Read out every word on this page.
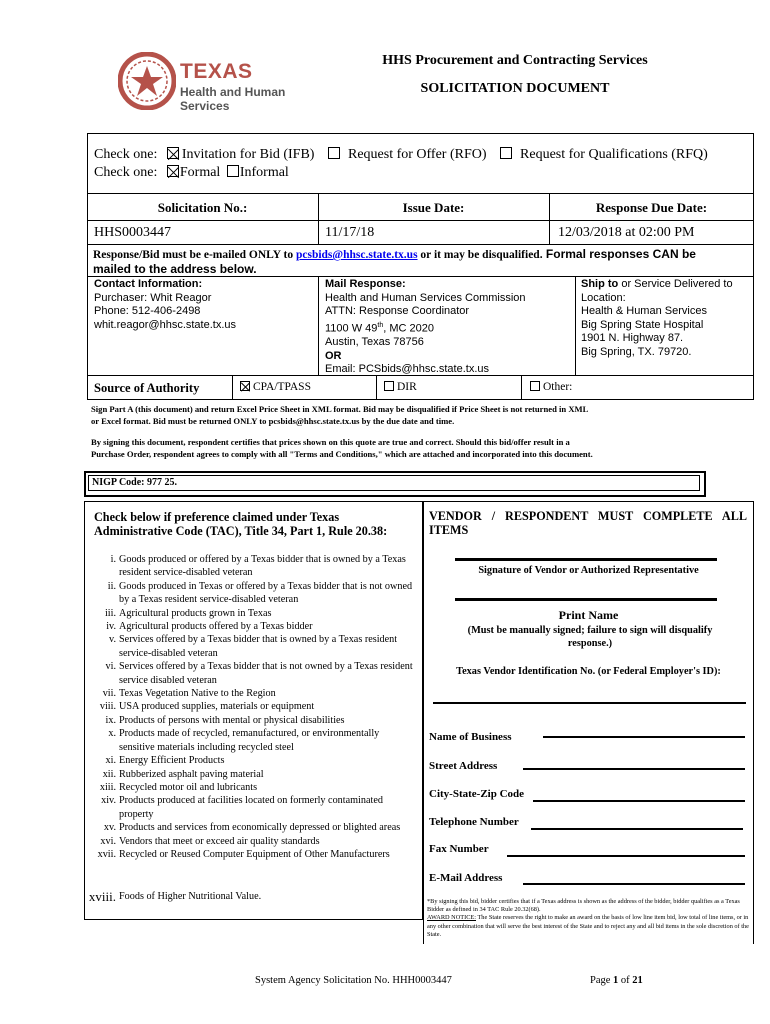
TEXAS
Health and Human Services
HHS Procurement and Contracting Services
SOLICITATION DOCUMENT
Check one: Invitation for Bid (IFB) Request for Offer (RFO) Request for Qualifications (RFQ)
Check one: Formal Informal
Solicitation No.:	Issue Date:	Response Due Date:
HHS0003447	11/17/18	12/03/2018 at 02:00 PM
Response/Bid must be e-mailed ONLY to pcsbids@hhsc.state.tx.us or it may be disqualified. Formal responses CAN be
mailed to the address below.
Contact Information:
Purchaser: Whit Reagor
Phone: 512-406-2498
whit.reagor@hhsc.state.tx.us
Mail Response:
Health and Human Services Commission
ATTN: Response Coordinator
1100 W 49th, MC 2020
Austin, Texas 78756
OR
Email: PCSbids@hhsc.state.tx.us
Ship to or Service Delivered to
Location:
Health & Human Services
Big Spring State Hospital
1901 N. Highway 87.
Big Spring, TX. 79720.
Source of Authority	CPA/TPASS	DIR	Other:
Sign Part A (this document) and return Excel Price Sheet in XML format. Bid may be disqualified if Price Sheet is not returned in XML
or Excel format. Bid must be returned ONLY to pcsbids@hhsc.state.tx.us by the due date and time.
By signing this document, respondent certifies that prices shown on this quote are true and correct. Should this bid/offer result in a
Purchase Order, respondent agrees to comply with all "Terms and Conditions," which are attached and incorporated into this document.
NIGP Code: 977 25.
Check below if preference claimed under Texas
Administrative Code (TAC), Title 34, Part 1, Rule 20.38:
i. Goods produced or offered by a Texas bidder that is owned by a Texas resident service-disabled veteran
ii. Goods produced in Texas or offered by a Texas bidder that is not owned by a Texas resident service-disabled veteran
iii. Agricultural products grown in Texas
iv. Agricultural products offered by a Texas bidder
v. Services offered by a Texas bidder that is owned by a Texas resident service-disabled veteran
vi. Services offered by a Texas bidder that is not owned by a Texas resident service disabled veteran
vii. Texas Vegetation Native to the Region
viii. USA produced supplies, materials or equipment
ix. Products of persons with mental or physical disabilities
x. Products made of recycled, remanufactured, or environmentally sensitive materials including recycled steel
xi. Energy Efficient Products
xii. Rubberized asphalt paving material
xiii. Recycled motor oil and lubricants
xiv. Products produced at facilities located on formerly contaminated property
xv. Products and services from economically depressed or blighted areas
xvi. Vendors that meet or exceed air quality standards
xvii. Recycled or Reused Computer Equipment of Other Manufacturers
xviii. Foods of Higher Nutritional Value.
VENDOR / RESPONDENT MUST COMPLETE ALL ITEMS
Signature of Vendor or Authorized Representative
Print Name
(Must be manually signed; failure to sign will disqualify response.)
Texas Vendor Identification No. (or Federal Employer's ID):
Name of Business
Street Address
City-State-Zip Code
Telephone Number
Fax Number
E-Mail Address
*By signing this bid, bidder certifies that if a Texas address is shown as the address of the bidder, bidder qualifies as a Texas Bidder as defined in 34 TAC Rule 20.32(68).
AWARD NOTICE: The State reserves the right to make an award on the basis of low line item bid, low total of line items, or in any other combination that will serve the best interest of the State and to reject any and all bid items in the sole discretion of the State.
System Agency Solicitation No. HHH0003447	Page 1 of 21
